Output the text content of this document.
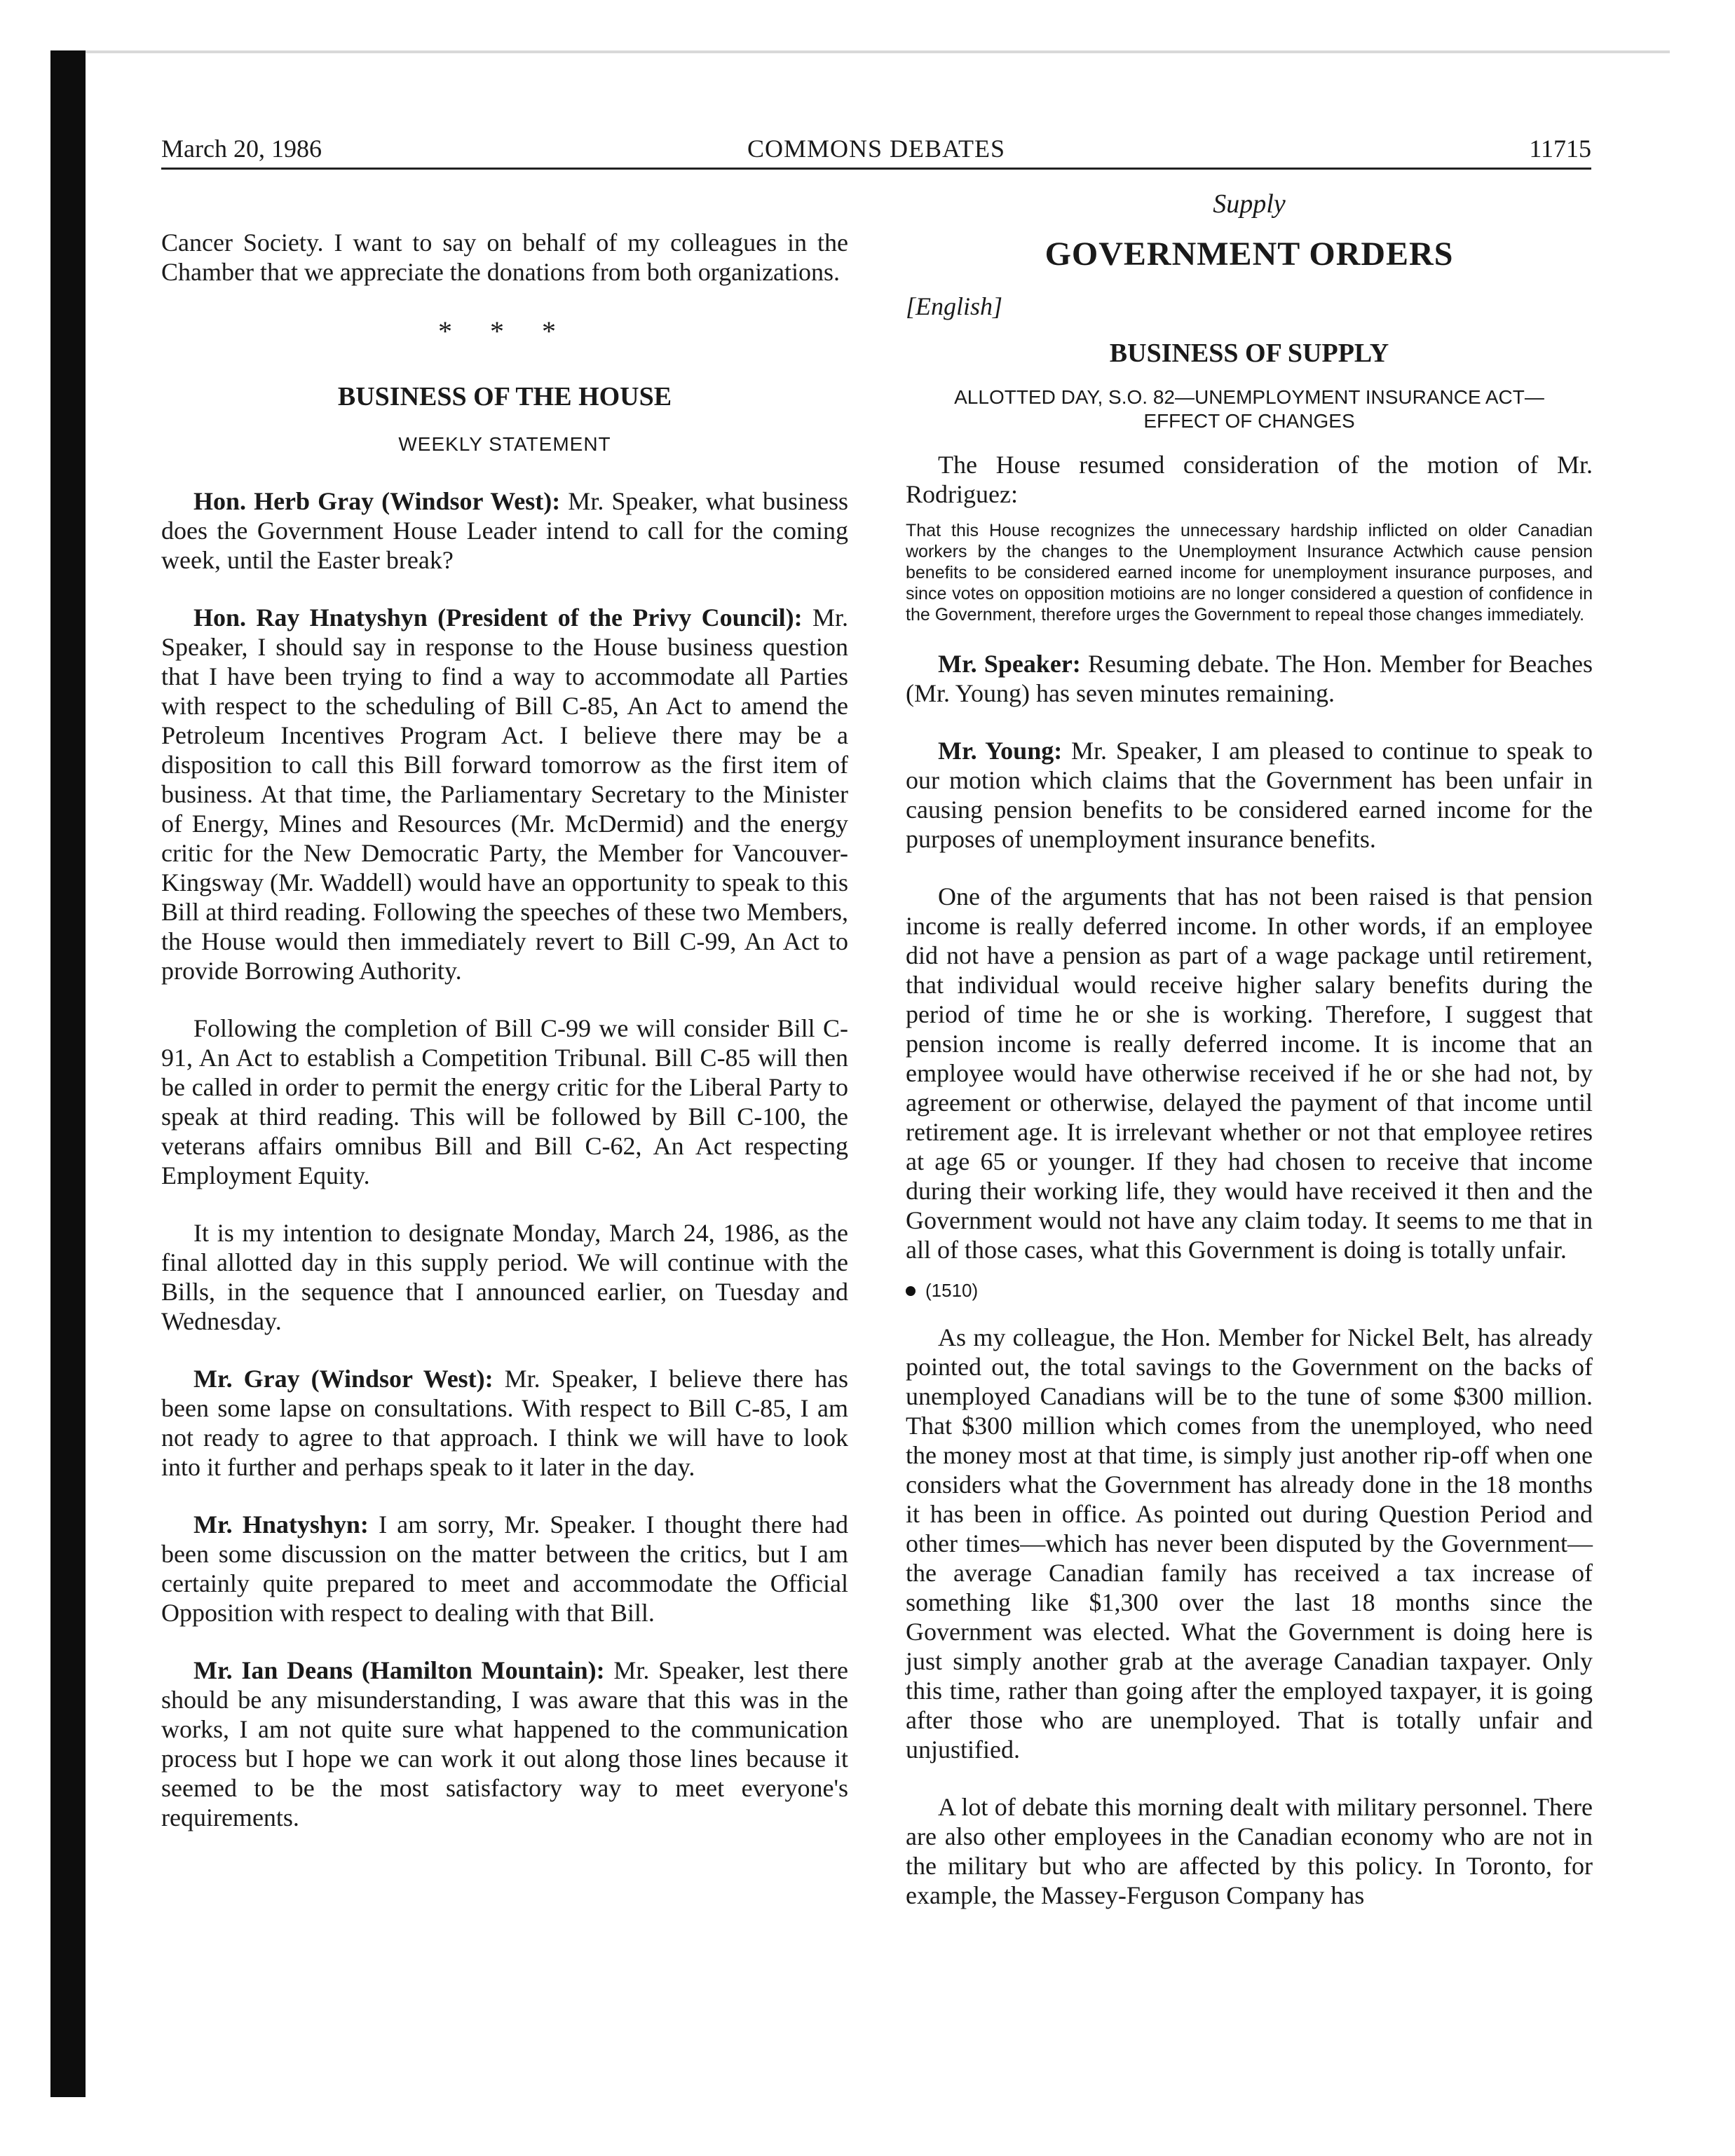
March 20, 1986	COMMONS DEBATES	11715

Cancer Society. I want to say on behalf of my colleagues in the Chamber that we appreciate the donations from both organizations.

* * *
BUSINESS OF THE HOUSE
WEEKLY STATEMENT

Hon. Herb Gray (Windsor West): Mr. Speaker, what business does the Government House Leader intend to call for the coming week, until the Easter break?

Hon. Ray Hnatyshyn (President of the Privy Council): Mr. Speaker, I should say in response to the House business question that I have been trying to find a way to accommodate all Parties with respect to the scheduling of Bill C-85, An Act to amend the Petroleum Incentives Program Act. I believe there may be a disposition to call this Bill forward tomorrow as the first item of business. At that time, the Parliamentary Secretary to the Minister of Energy, Mines and Resources (Mr. McDermid) and the energy critic for the New Democratic Party, the Member for Vancouver-Kingsway (Mr. Waddell) would have an opportunity to speak to this Bill at third reading. Following the speeches of these two Members, the House would then immediately revert to Bill C-99, An Act to provide Borrowing Authority.

Following the completion of Bill C-99 we will consider Bill C-91, An Act to establish a Competition Tribunal. Bill C-85 will then be called in order to permit the energy critic for the Liberal Party to speak at third reading. This will be followed by Bill C-100, the veterans affairs omnibus Bill and Bill C-62, An Act respecting Employment Equity.

It is my intention to designate Monday, March 24, 1986, as the final allotted day in this supply period. We will continue with the Bills, in the sequence that I announced earlier, on Tuesday and Wednesday.

Mr. Gray (Windsor West): Mr. Speaker, I believe there has been some lapse on consultations. With respect to Bill C-85, I am not ready to agree to that approach. I think we will have to look into it further and perhaps speak to it later in the day.

Mr. Hnatyshyn: I am sorry, Mr. Speaker. I thought there had been some discussion on the matter between the critics, but I am certainly quite prepared to meet and accommodate the Official Opposition with respect to dealing with that Bill.

Mr. Ian Deans (Hamilton Mountain): Mr. Speaker, lest there should be any misunderstanding, I was aware that this was in the works, I am not quite sure what happened to the communication process but I hope we can work it out along those lines because it seemed to be the most satisfactory way to meet everyone's requirements.

Supply
GOVERNMENT ORDERS
[English]
BUSINESS OF SUPPLY
ALLOTTED DAY, S.O. 82—UNEMPLOYMENT INSURANCE ACT—
EFFECT OF CHANGES

The House resumed consideration of the motion of Mr. Rodriguez:

That this House recognizes the unnecessary hardship inflicted on older Canadian workers by the changes to the Unemployment Insurance Actwhich cause pension benefits to be considered earned income for unemployment insurance purposes, and since votes on opposition motioins are no longer considered a question of confidence in the Government, therefore urges the Government to repeal those changes immediately.

Mr. Speaker: Resuming debate. The Hon. Member for Beaches (Mr. Young) has seven minutes remaining.

Mr. Young: Mr. Speaker, I am pleased to continue to speak to our motion which claims that the Government has been unfair in causing pension benefits to be considered earned income for the purposes of unemployment insurance benefits.

One of the arguments that has not been raised is that pension income is really deferred income. In other words, if an employee did not have a pension as part of a wage package until retirement, that individual would receive higher salary benefits during the period of time he or she is working. Therefore, I suggest that pension income is really deferred income. It is income that an employee would have otherwise received if he or she had not, by agreement or otherwise, delayed the payment of that income until retirement age. It is irrelevant whether or not that employee retires at age 65 or younger. If they had chosen to receive that income during their working life, they would have received it then and the Government would not have any claim today. It seems to me that in all of those cases, what this Government is doing is totally unfair.

(1510)

As my colleague, the Hon. Member for Nickel Belt, has already pointed out, the total savings to the Government on the backs of unemployed Canadians will be to the tune of some $300 million. That $300 million which comes from the unemployed, who need the money most at that time, is simply just another rip-off when one considers what the Government has already done in the 18 months it has been in office. As pointed out during Question Period and other times—which has never been disputed by the Government—the average Canadian family has received a tax increase of something like $1,300 over the last 18 months since the Government was elected. What the Government is doing here is just simply another grab at the average Canadian taxpayer. Only this time, rather than going after the employed taxpayer, it is going after those who are unemployed. That is totally unfair and unjustified.

A lot of debate this morning dealt with military personnel. There are also other employees in the Canadian economy who are not in the military but who are affected by this policy. In Toronto, for example, the Massey-Ferguson Company has
